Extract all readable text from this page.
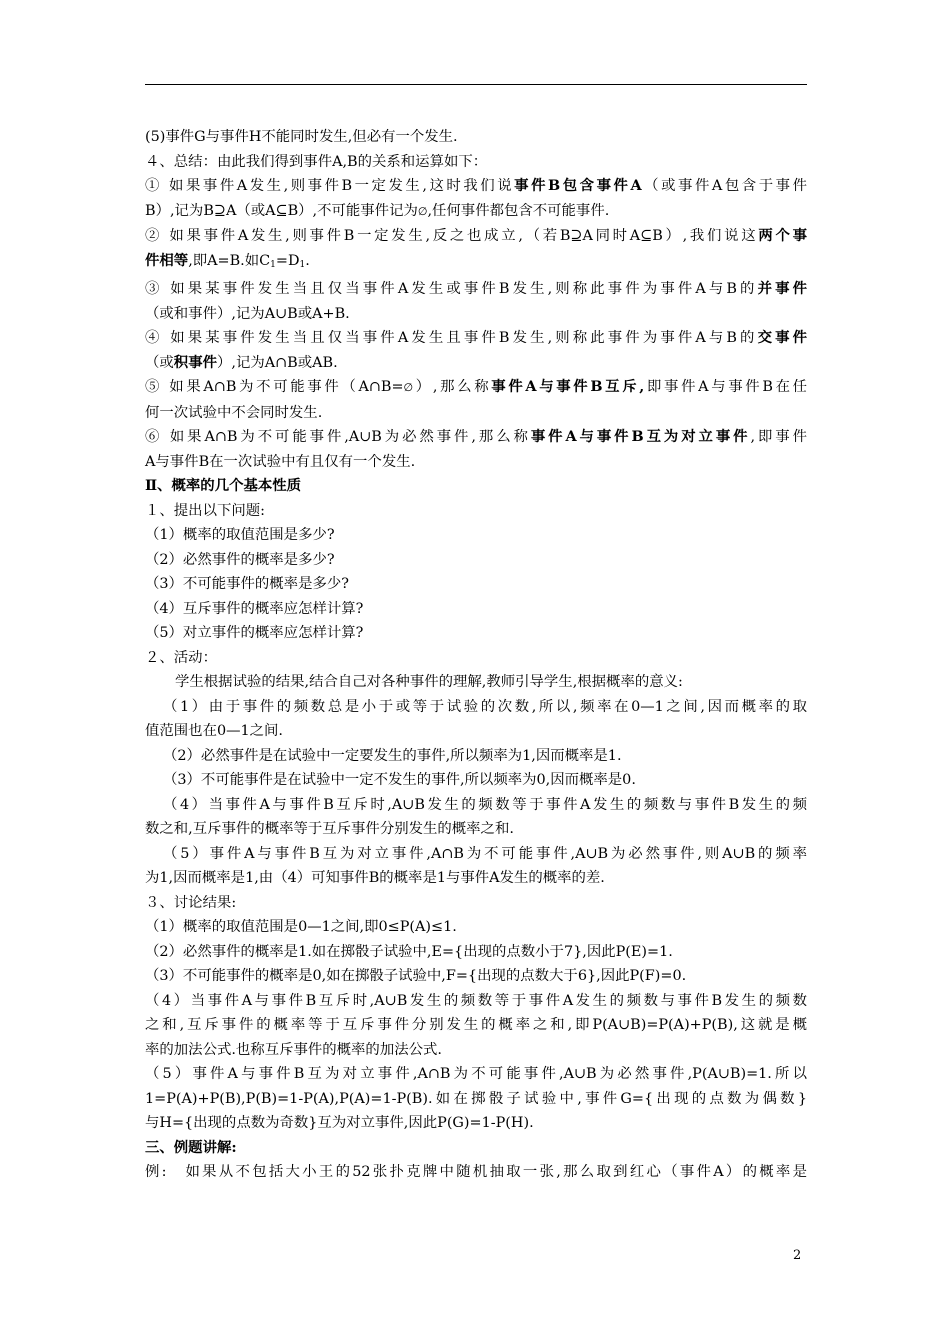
(5)事件G与事件H不能同时发生,但必有一个发生.
４、总结：由此我们得到事件A,B的关系和运算如下：
① 如果事件A发生,则事件B一定发生,这时我们说事件B包含事件A（或事件A包含于事件
B）,记为B⊇A（或A⊆B）,不可能事件记为∅,任何事件都包含不可能事件.
② 如果事件A发生,则事件B一定发生,反之也成立,（若B⊇A同时A⊆B）,我们说这两个事
件相等,即A=B.如$C_1=D_1$.
③ 如果某事件发生当且仅当事件A发生或事件B发生,则称此事件为事件A与B的并事件
（或和事件）,记为A∪B或A+B.
④ 如果某事件发生当且仅当事件A发生且事件B发生,则称此事件为事件A与B的交事件
（或积事件）,记为A∩B或AB.
⑤ 如果A∩B为不可能事件（A∩B=∅）,那么称事件A与事件B互斥,即事件A与事件B在任
何一次试验中不会同时发生.
⑥ 如果A∩B为不可能事件,A∪B为必然事件,那么称事件A与事件B互为对立事件,即事件
A与事件B在一次试验中有且仅有一个发生.
Ⅱ、概率的几个基本性质
１、提出以下问题:
（1）概率的取值范围是多少?
（2）必然事件的概率是多少?
（3）不可能事件的概率是多少?
（4）互斥事件的概率应怎样计算?
（5）对立事件的概率应怎样计算?
２、活动：
学生根据试验的结果,结合自己对各种事件的理解,教师引导学生,根据概率的意义:
（1）由于事件的频数总是小于或等于试验的次数,所以,频率在0—1之间,因而概率的取
值范围也在0—1之间.
（2）必然事件是在试验中一定要发生的事件,所以频率为1,因而概率是1.
（3）不可能事件是在试验中一定不发生的事件,所以频率为0,因而概率是0.
（4）当事件A与事件B互斥时,A∪B发生的频数等于事件A发生的频数与事件B发生的频
数之和,互斥事件的概率等于互斥事件分别发生的概率之和.
（5）事件A与事件B互为对立事件,A∩B为不可能事件,A∪B为必然事件,则A∪B的频率
为1,因而概率是1,由（4）可知事件B的概率是1与事件A发生的概率的差.
３、讨论结果:
（1）概率的取值范围是0—1之间,即0≤P(A)≤1.
（2）必然事件的概率是1.如在掷骰子试验中,E={出现的点数小于7},因此P(E)=1.
（3）不可能事件的概率是0,如在掷骰子试验中,F={出现的点数大于6},因此P(F)=0.
（4）当事件A与事件B互斥时,A∪B发生的频数等于事件A发生的频数与事件B发生的频数
之和,互斥事件的概率等于互斥事件分别发生的概率之和,即P(A∪B)=P(A)+P(B),这就是概
率的加法公式.也称互斥事件的概率的加法公式.
（5）事件A与事件B互为对立事件,A∩B为不可能事件,A∪B为必然事件,P(A∪B)=1.所以
1=P(A)+P(B),P(B)=1-P(A),P(A)=1-P(B).如在掷骰子试验中,事件G={出现的点数为偶数}
与H={出现的点数为奇数}互为对立事件,因此P(G)=1-P(H).
三、例题讲解:
例:　如果从不包括大小王的52张扑克牌中随机抽取一张,那么取到红心（事件A）的概率是
2
